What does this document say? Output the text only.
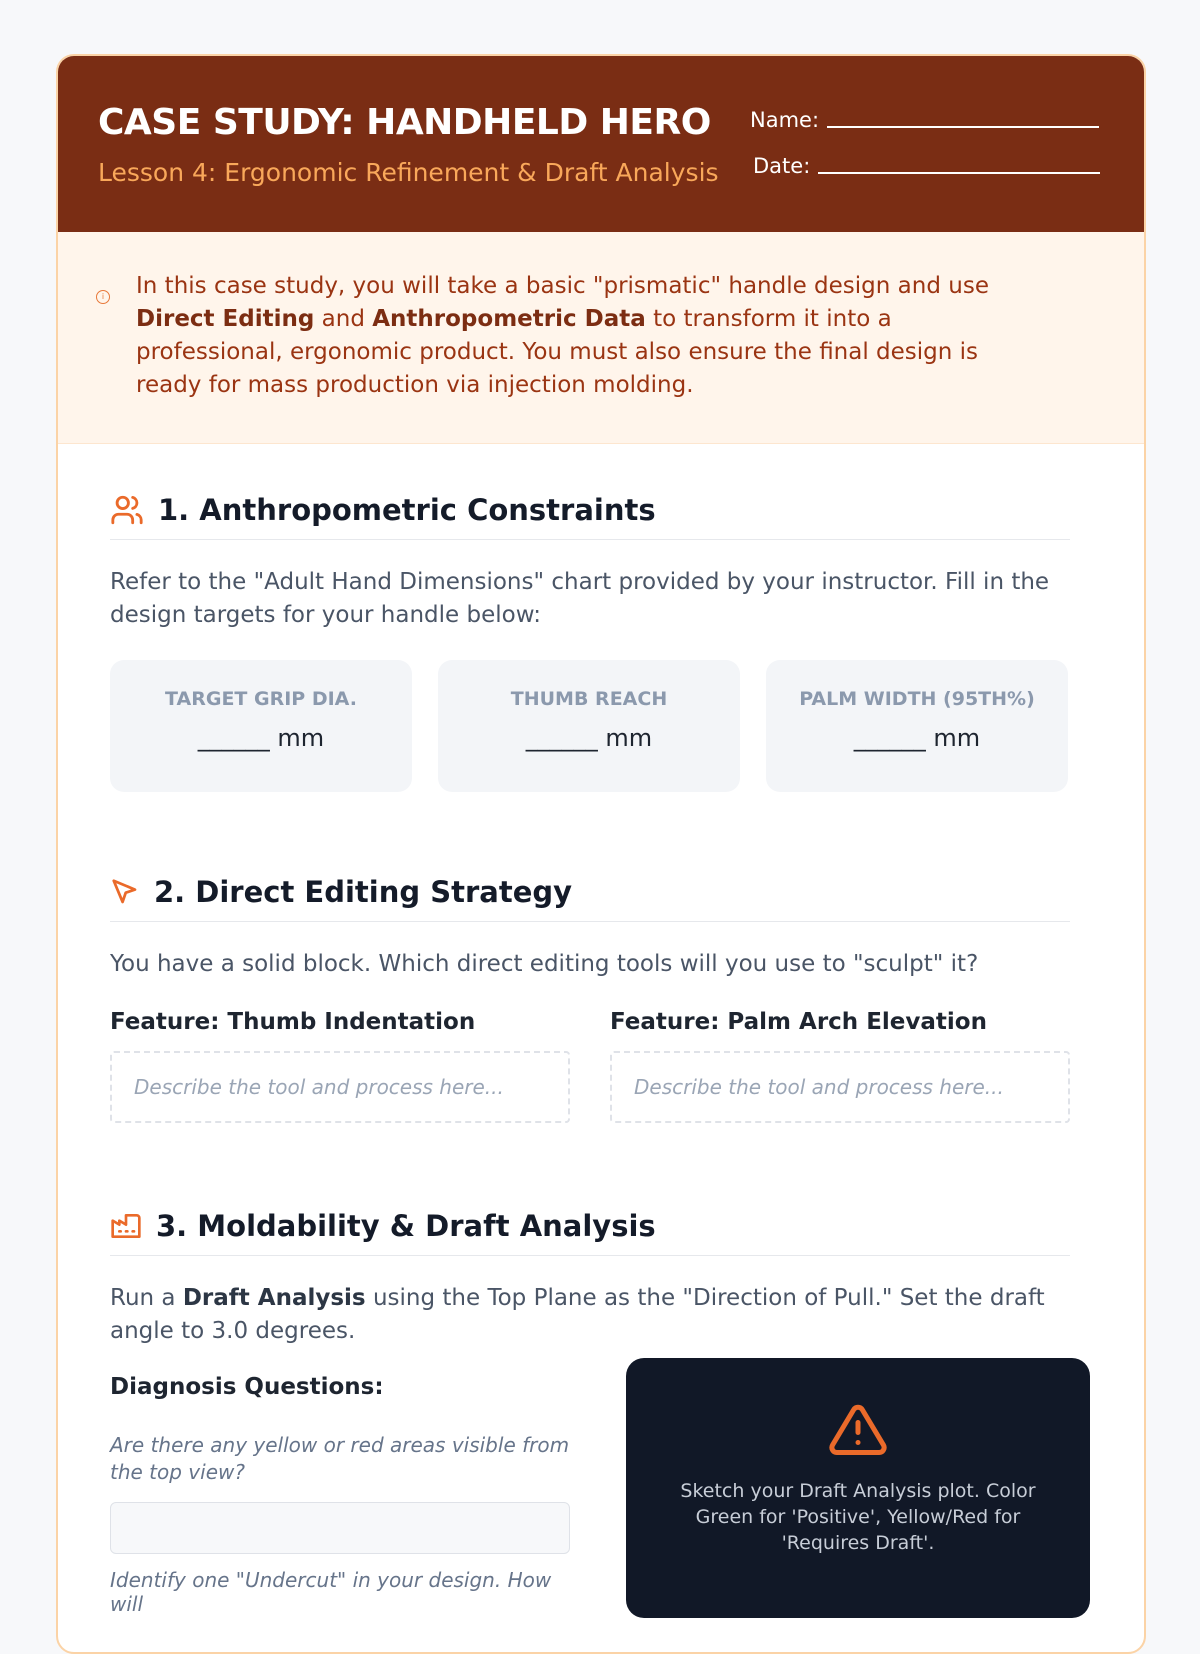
CASE STUDY: HANDHELD HERO
Lesson 4: Ergonomic Refinement & Draft Analysis
Name:
Date:
i In this case study, you will take a basic "prismatic" handle design and use Direct Editing and Anthropometric Data to transform it into a professional, ergonomic product. You must also ensure the final design is ready for mass production via injection molding.
1. Anthropometric Constraints
Refer to the "Adult Hand Dimensions" chart provided by your instructor. Fill in the design targets for your handle below:
TARGET GRIP DIA.
______ mm
THUMB REACH
______ mm
PALM WIDTH (95TH%)
______ mm
2. Direct Editing Strategy
You have a solid block. Which direct editing tools will you use to "sculpt" it?
Feature: Thumb Indentation
Describe the tool and process here...
Feature: Palm Arch Elevation
Describe the tool and process here...
3. Moldability & Draft Analysis
Run a Draft Analysis using the Top Plane as the "Direction of Pull." Set the draft angle to 3.0 degrees.
Diagnosis Questions:
Are there any yellow or red areas visible from the top view?
Identify one "Undercut" in your design. How will
Sketch your Draft Analysis plot. Color Green for 'Positive', Yellow/Red for 'Requires Draft'.
